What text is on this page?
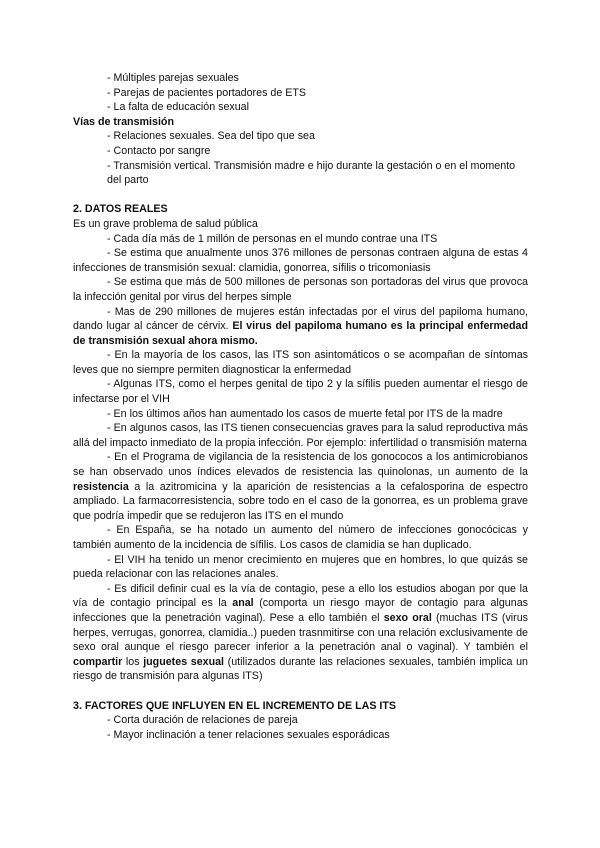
- Múltiples parejas sexuales
- Parejas de pacientes portadores de ETS
- La falta de educación sexual
Vías de transmisión
- Relaciones sexuales. Sea del tipo que sea
- Contacto por sangre
- Transmisión vertical. Transmisión madre e hijo durante la gestación o en el momento del parto
2. DATOS REALES
Es un grave problema de salud pública
- Cada día más de 1 millón de personas en el mundo contrae una ITS
- Se estima que anualmente unos 376 millones de personas contraen alguna de estas 4 infecciones de transmisión sexual: clamidia, gonorrea, sífilis o tricomoniasis
- Se estima que más de 500 millones de personas son portadoras del virus que provoca la infección genital por virus del herpes simple
- Mas de 290 millones de mujeres están infectadas por el virus del papiloma humano, dando lugar al cáncer de cérvix. El virus del papiloma humano es la principal enfermedad de transmisión sexual ahora mismo.
- En la mayoría de los casos, las ITS son asintomáticos o se acompañan de síntomas leves que no siempre permiten diagnosticar la enfermedad
- Algunas ITS, como el herpes genital de tipo 2 y la sífilis pueden aumentar el riesgo de infectarse por el VIH
- En los últimos años han aumentado los casos de muerte fetal por ITS de la madre
- En algunos casos, las ITS tienen consecuencias graves para la salud reproductiva más allá del impacto inmediato de la propia infección. Por ejemplo: infertilidad o transmisión materna
- En el Programa de vigilancia de la resistencia de los gonococos a los antimicrobianos se han observado unos índices elevados de resistencia las quinolonas, un aumento de la resistencia a la azitromicina y la aparición de resistencias a la cefalosporina de espectro ampliado. La farmacorresistencia, sobre todo en el caso de la gonorrea, es un problema grave que podría impedir que se redujeron las ITS en el mundo
- En España, se ha notado un aumento del número de infecciones gonocócicas y también aumento de la incidencia de sífilis. Los casos de clamidia se han duplicado.
- El VIH ha tenido un menor crecimiento en mujeres que en hombres, lo que quizás se pueda relacionar con las relaciones anales.
- Es dificil definir cual es la vía de contagio, pese a ello los estudios abogan por que la vía de contagio principal es la anal (comporta un riesgo mayor de contagio para algunas infecciones que la penetración vaginal). Pese a ello también el sexo oral (muchas ITS (virus herpes, verrugas, gonorrea, clamidia..) pueden trasnmitirse con una relación exclusivamente de sexo oral aunque el riesgo parecer inferior a la penetración anal o vaginal). Y también el compartir los juguetes sexual (utilizados durante las relaciones sexuales, también implica un riesgo de transmisión para algunas ITS)
3. FACTORES QUE INFLUYEN EN EL INCREMENTO DE LAS ITS
- Corta duración de relaciones de pareja
- Mayor inclinación a tener relaciones sexuales esporádicas
